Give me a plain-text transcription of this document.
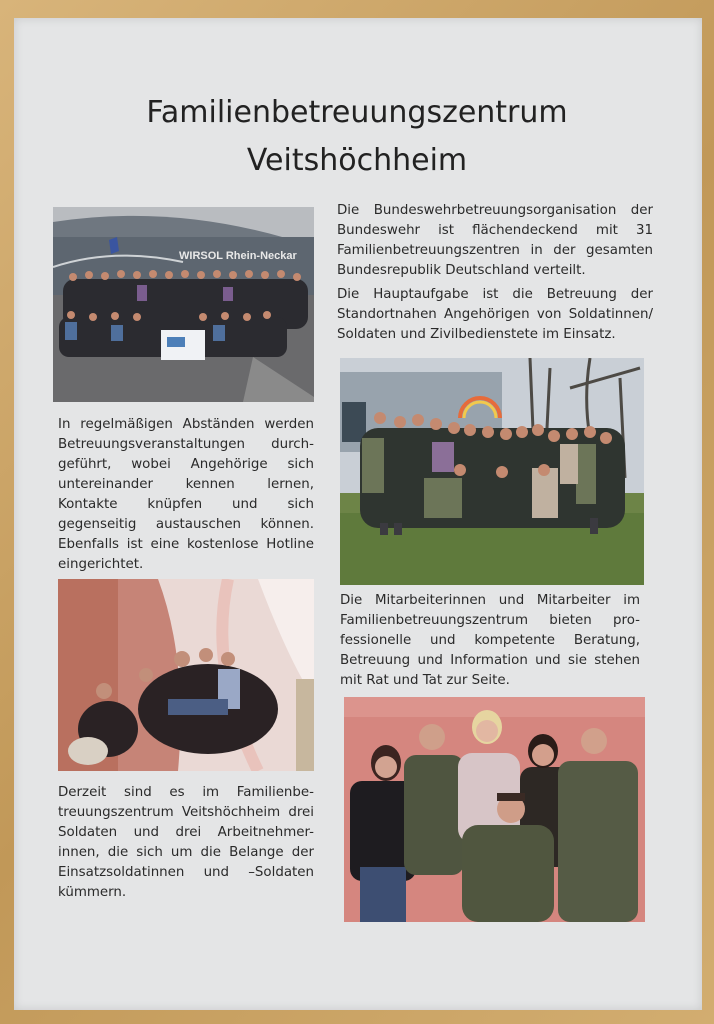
Familienbetreuungszentrum
Veitshöchheim
WIRSOL Rhein-Neckar

Die Bundeswehrbetreuungsorganisation der Bundeswehr ist flächendeckend mit 31 Familienbetreuungszentren in der gesamten Bundesrepublik Deutschland verteilt.

Die Hauptaufgabe ist die Betreuung der Standortnahen Angehörigen von Soldatinnen/ Soldaten und Zivilbedienstete im Einsatz.

In regelmäßigen Abständen werden Betreuungsveranstaltungen durch-geführt, wobei Angehörige sich untereinander kennen lernen, Kontakte knüpfen und sich gegenseitig austauschen können. Ebenfalls ist eine kostenlose Hotline eingerichtet.
Die Mitarbeiterinnen und Mitarbeiter im Familienbetreuungszentrum bieten pro-fessionelle und kompetente Beratung, Betreuung und Information und sie stehen mit Rat und Tat zur Seite.
Derzeit sind es im Familienbe-treuungszentrum Veitshöchheim drei Soldaten und drei Arbeitnehmer-innen, die sich um die Belange der Einsatzsoldatinnen und –Soldaten kümmern.
